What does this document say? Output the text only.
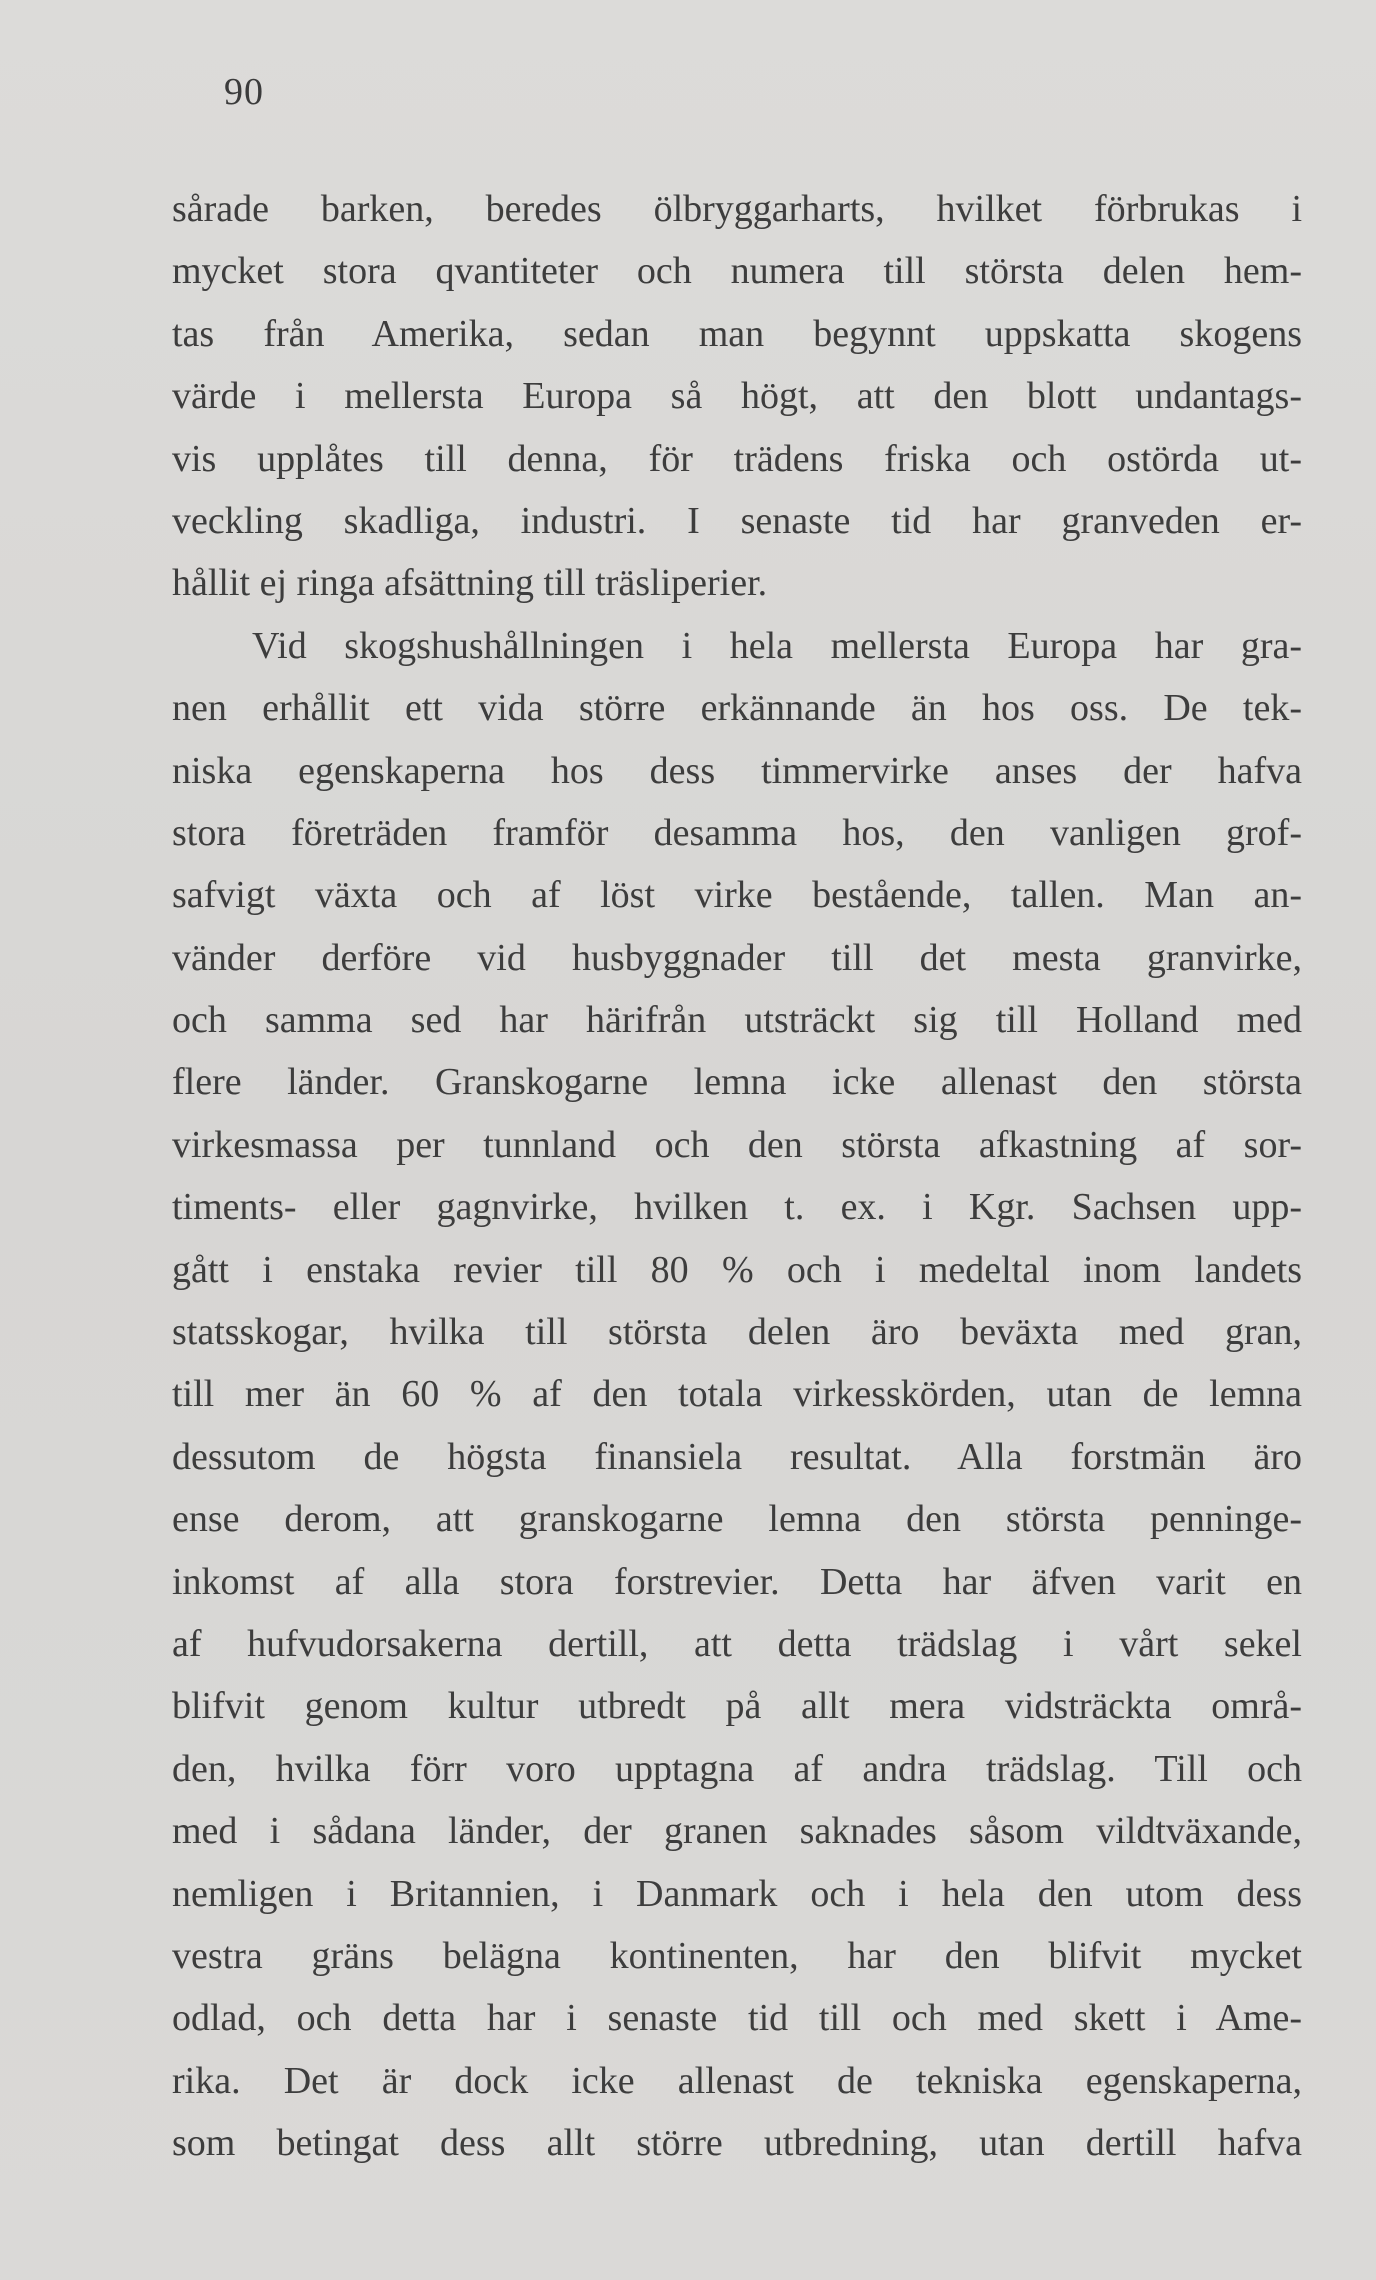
90
sårade barken, beredes ölbryggarharts, hvilket förbrukas i
mycket stora qvantiteter och numera till största delen hem-
tas från Amerika, sedan man begynnt uppskatta skogens
värde i mellersta Europa så högt, att den blott undantags-
vis upplåtes till denna, för trädens friska och ostörda ut-
veckling skadliga, industri. I senaste tid har granveden er-
hållit ej ringa afsättning till träsliperier.
Vid skogshushållningen i hela mellersta Europa har gra-
nen erhållit ett vida större erkännande än hos oss. De tek-
niska egenskaperna hos dess timmervirke anses der hafva
stora företräden framför desamma hos, den vanligen grof-
safvigt växta och af löst virke bestående, tallen. Man an-
vänder derföre vid husbyggnader till det mesta granvirke,
och samma sed har härifrån utsträckt sig till Holland med
flere länder. Granskogarne lemna icke allenast den största
virkesmassa per tunnland och den största afkastning af sor-
timents- eller gagnvirke, hvilken t. ex. i Kgr. Sachsen upp-
gått i enstaka revier till 80 % och i medeltal inom landets
statsskogar, hvilka till största delen äro beväxta med gran,
till mer än 60 % af den totala virkesskörden, utan de lemna
dessutom de högsta finansiela resultat. Alla forstmän äro
ense derom, att granskogarne lemna den största penninge-
inkomst af alla stora forstrevier. Detta har äfven varit en
af hufvudorsakerna dertill, att detta trädslag i vårt sekel
blifvit genom kultur utbredt på allt mera vidsträckta områ-
den, hvilka förr voro upptagna af andra trädslag. Till och
med i sådana länder, der granen saknades såsom vildtväxande,
nemligen i Britannien, i Danmark och i hela den utom dess
vestra gräns belägna kontinenten, har den blifvit mycket
odlad, och detta har i senaste tid till och med skett i Ame-
rika. Det är dock icke allenast de tekniska egenskaperna,
som betingat dess allt större utbredning, utan dertill hafva
